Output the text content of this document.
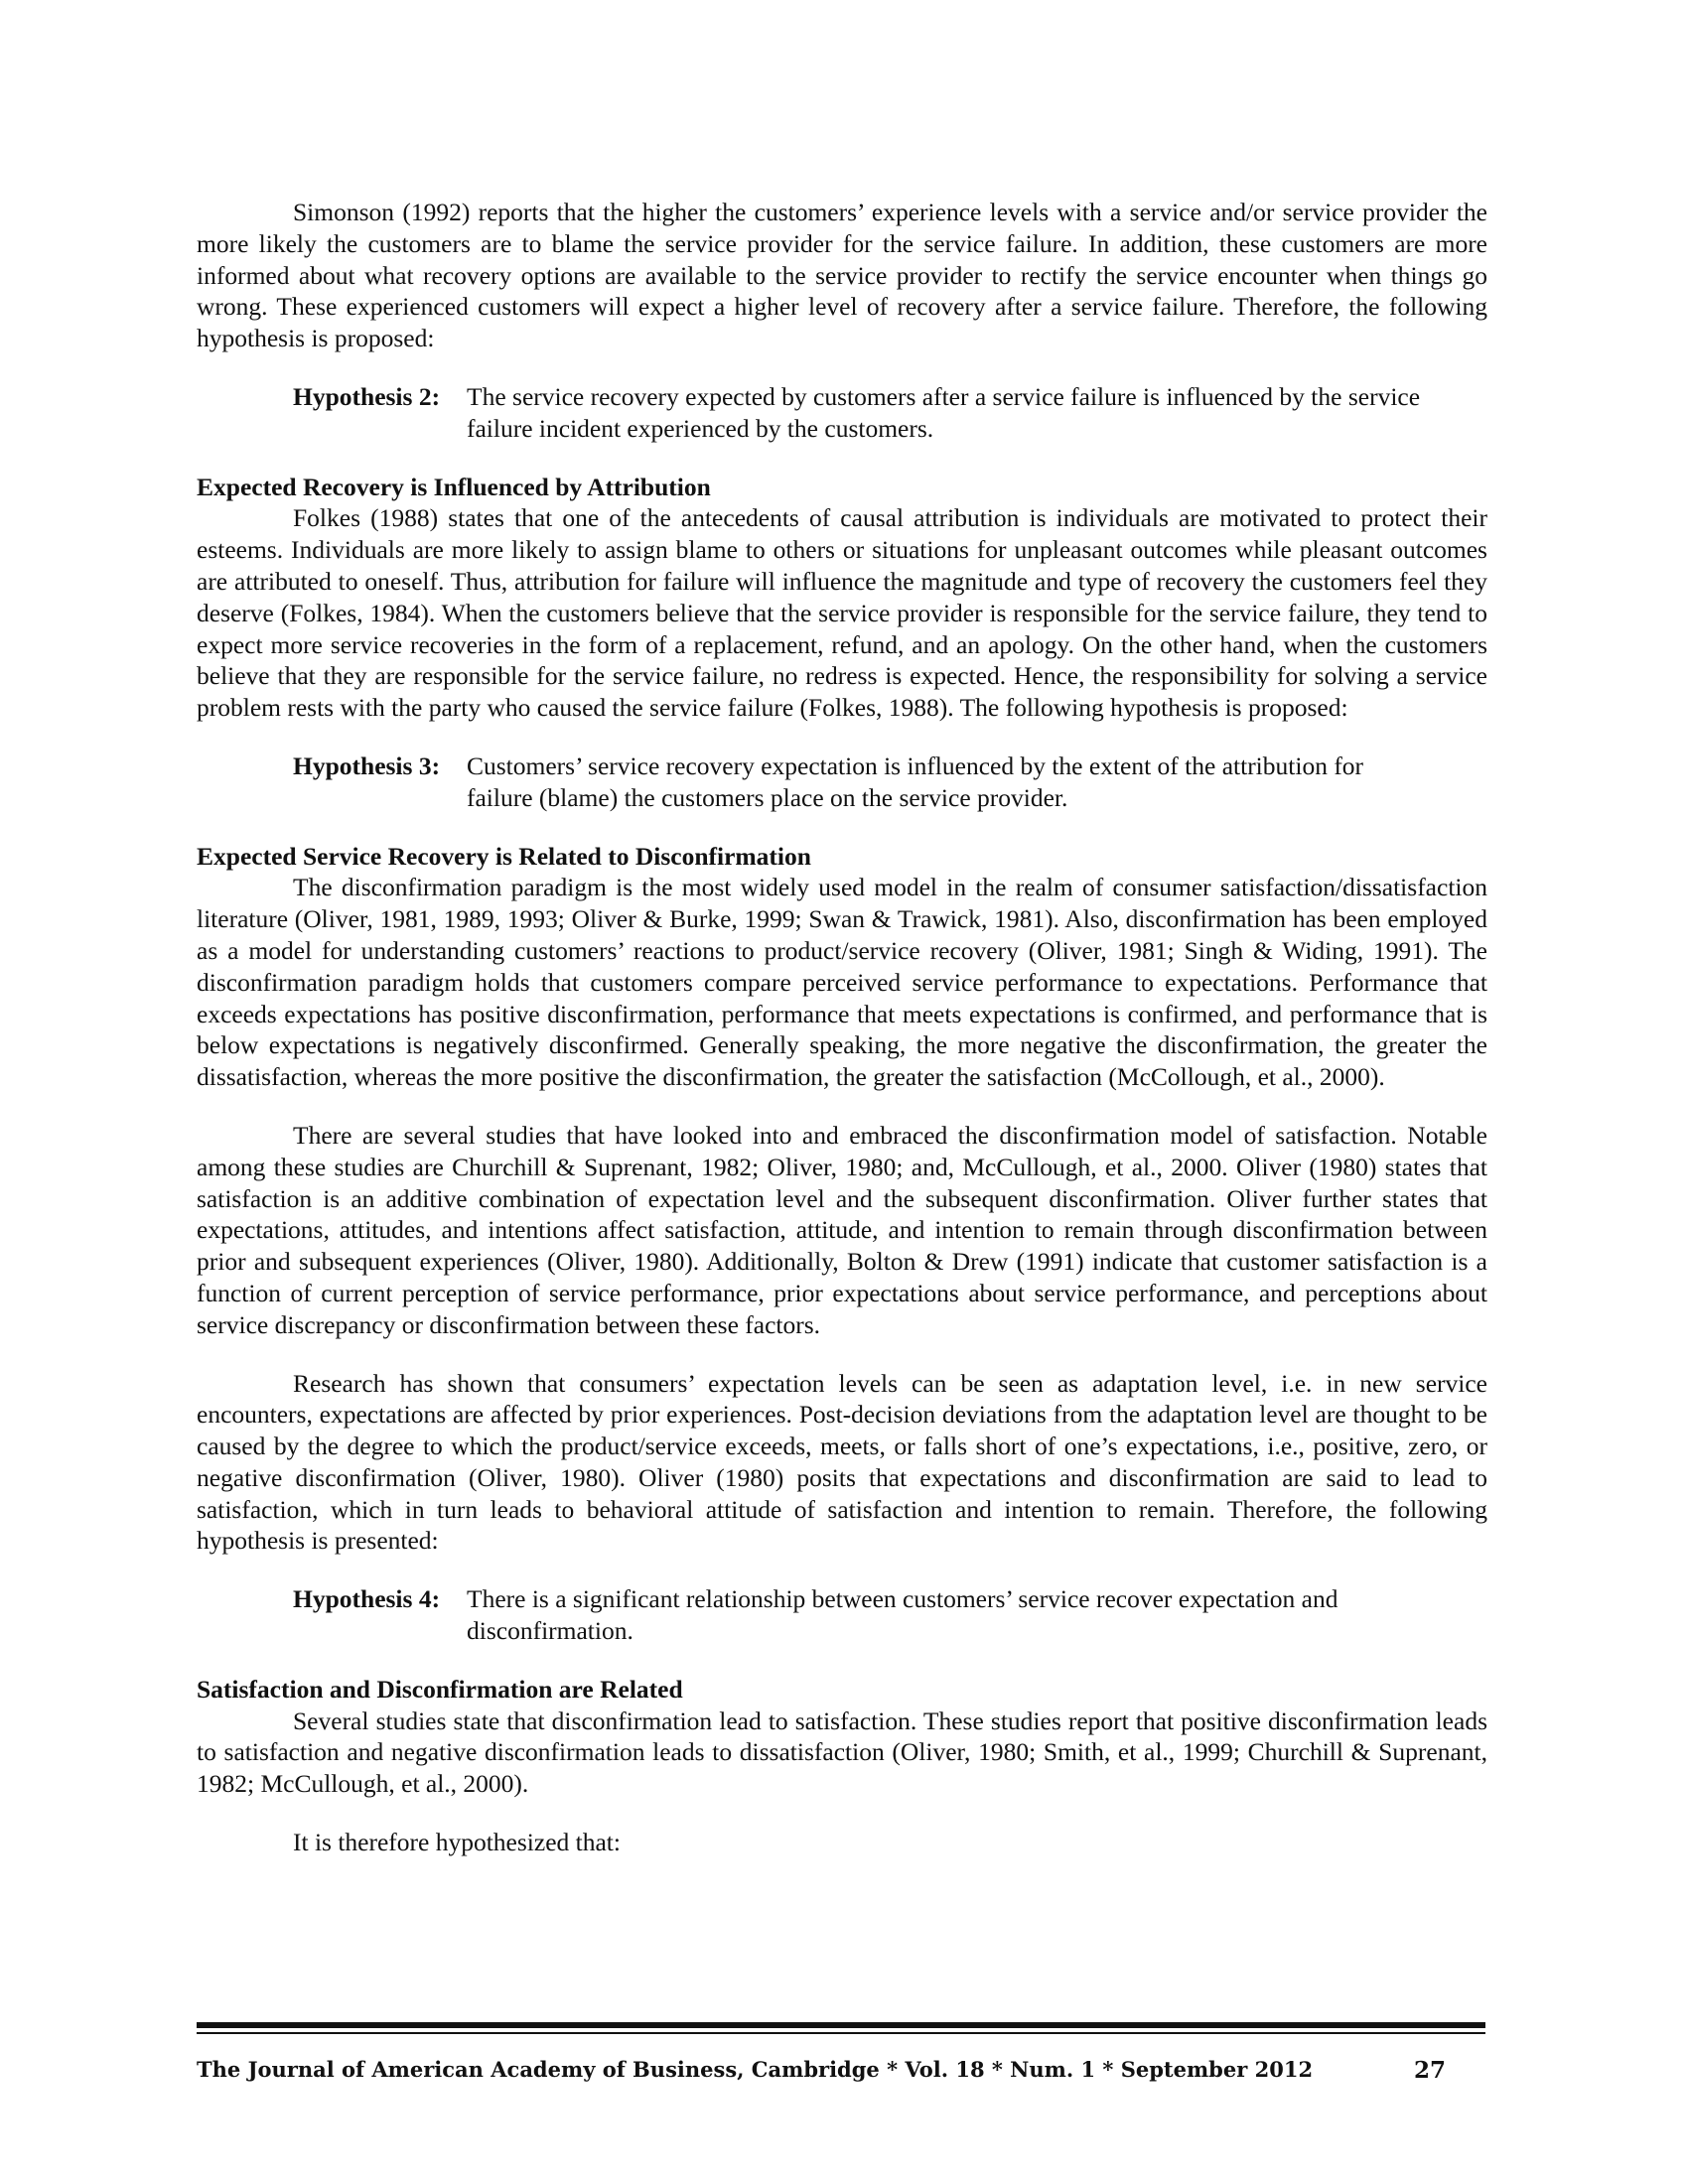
Simonson (1992) reports that the higher the customers’ experience levels with a service and/or service provider the more likely the customers are to blame the service provider for the service failure. In addition, these customers are more informed about what recovery options are available to the service provider to rectify the service encounter when things go wrong. These experienced customers will expect a higher level of recovery after a service failure. Therefore, the following hypothesis is proposed:

Hypothesis 2: The service recovery expected by customers after a service failure is influenced by the service failure incident experienced by the customers.
Expected Recovery is Influenced by Attribution

Folkes (1988) states that one of the antecedents of causal attribution is individuals are motivated to protect their esteems. Individuals are more likely to assign blame to others or situations for unpleasant outcomes while pleasant outcomes are attributed to oneself. Thus, attribution for failure will influence the magnitude and type of recovery the customers feel they deserve (Folkes, 1984). When the customers believe that the service provider is responsible for the service failure, they tend to expect more service recoveries in the form of a replacement, refund, and an apology. On the other hand, when the customers believe that they are responsible for the service failure, no redress is expected. Hence, the responsibility for solving a service problem rests with the party who caused the service failure (Folkes, 1988). The following hypothesis is proposed:

Hypothesis 3: Customers’ service recovery expectation is influenced by the extent of the attribution for failure (blame) the customers place on the service provider.
Expected Service Recovery is Related to Disconfirmation

The disconfirmation paradigm is the most widely used model in the realm of consumer satisfaction/dissatisfaction literature (Oliver, 1981, 1989, 1993; Oliver & Burke, 1999; Swan & Trawick, 1981). Also, disconfirmation has been employed as a model for understanding customers’ reactions to product/service recovery (Oliver, 1981; Singh & Widing, 1991). The disconfirmation paradigm holds that customers compare perceived service performance to expectations. Performance that exceeds expectations has positive disconfirmation, performance that meets expectations is confirmed, and performance that is below expectations is negatively disconfirmed. Generally speaking, the more negative the disconfirmation, the greater the dissatisfaction, whereas the more positive the disconfirmation, the greater the satisfaction (McCollough, et al., 2000).

There are several studies that have looked into and embraced the disconfirmation model of satisfaction. Notable among these studies are Churchill & Suprenant, 1982; Oliver, 1980; and, McCullough, et al., 2000. Oliver (1980) states that satisfaction is an additive combination of expectation level and the subsequent disconfirmation. Oliver further states that expectations, attitudes, and intentions affect satisfaction, attitude, and intention to remain through disconfirmation between prior and subsequent experiences (Oliver, 1980). Additionally, Bolton & Drew (1991) indicate that customer satisfaction is a function of current perception of service performance, prior expectations about service performance, and perceptions about service discrepancy or disconfirmation between these factors.

Research has shown that consumers’ expectation levels can be seen as adaptation level, i.e. in new service encounters, expectations are affected by prior experiences. Post-decision deviations from the adaptation level are thought to be caused by the degree to which the product/service exceeds, meets, or falls short of one’s expectations, i.e., positive, zero, or negative disconfirmation (Oliver, 1980). Oliver (1980) posits that expectations and disconfirmation are said to lead to satisfaction, which in turn leads to behavioral attitude of satisfaction and intention to remain. Therefore, the following hypothesis is presented:

Hypothesis 4: There is a significant relationship between customers’ service recover expectation and disconfirmation.
Satisfaction and Disconfirmation are Related

Several studies state that disconfirmation lead to satisfaction. These studies report that positive disconfirmation leads to satisfaction and negative disconfirmation leads to dissatisfaction (Oliver, 1980; Smith, et al., 1999; Churchill & Suprenant, 1982; McCullough, et al., 2000).

It is therefore hypothesized that:

The Journal of American Academy of Business, Cambridge * Vol. 18 * Num. 1 * September 2012	27
